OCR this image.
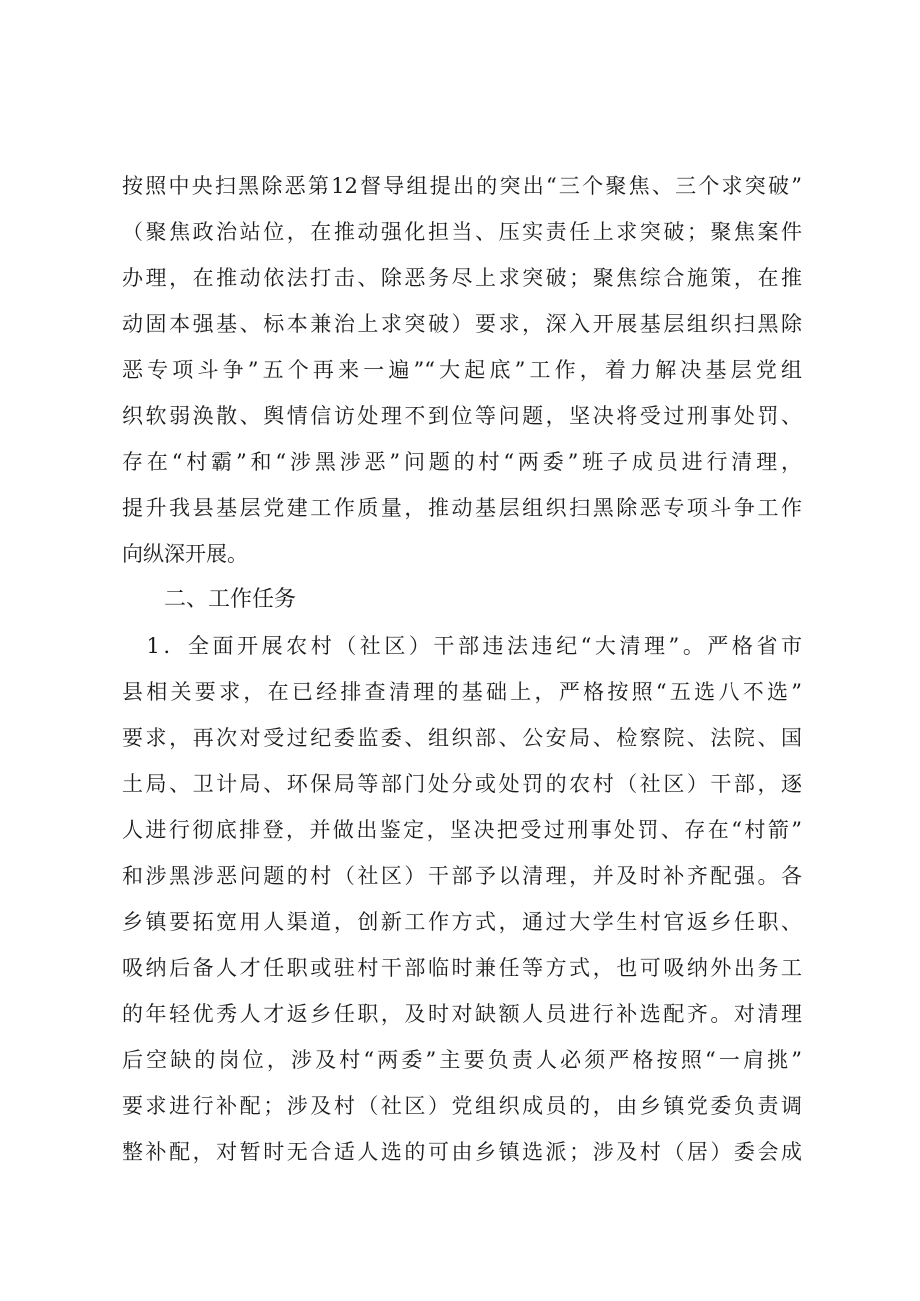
按照中央扫黑除恶第12督导组提出的突出“三个聚焦、三个求突破”
（聚焦政治站位，在推动强化担当、压实责任上求突破；聚焦案件
办理，在推动依法打击、除恶务尽上求突破；聚焦综合施策，在推
动固本强基、标本兼治上求突破）要求，深入开展基层组织扫黑除
恶专项斗争”五个再来一遍”“大起底”工作，着力解决基层党组
织软弱涣散、舆情信访处理不到位等问题，坚决将受过刑事处罚、
存在“村霸”和“涉黑涉恶”问题的村“两委”班子成员进行清理，
提升我县基层党建工作质量，推动基层组织扫黑除恶专项斗争工作
向纵深开展。
二、工作任务
　1．全面开展农村（社区）干部违法违纪“大清理”。严格省市
县相关要求，在已经排查清理的基础上，严格按照“五选八不选”
要求，再次对受过纪委监委、组织部、公安局、检察院、法院、国
土局、卫计局、环保局等部门处分或处罚的农村（社区）干部，逐
人进行彻底排登，并做出鉴定，坚决把受过刑事处罚、存在“村箭”
和涉黑涉恶问题的村（社区）干部予以清理，并及时补齐配强。各
乡镇要拓宽用人渠道，创新工作方式，通过大学生村官返乡任职、
吸纳后备人才任职或驻村干部临时兼任等方式，也可吸纳外出务工
的年轻优秀人才返乡任职，及时对缺额人员进行补选配齐。对清理
后空缺的岗位，涉及村“两委”主要负责人必须严格按照“一肩挑”
要求进行补配；涉及村（社区）党组织成员的，由乡镇党委负责调
整补配，对暂时无合适人选的可由乡镇选派；涉及村（居）委会成
